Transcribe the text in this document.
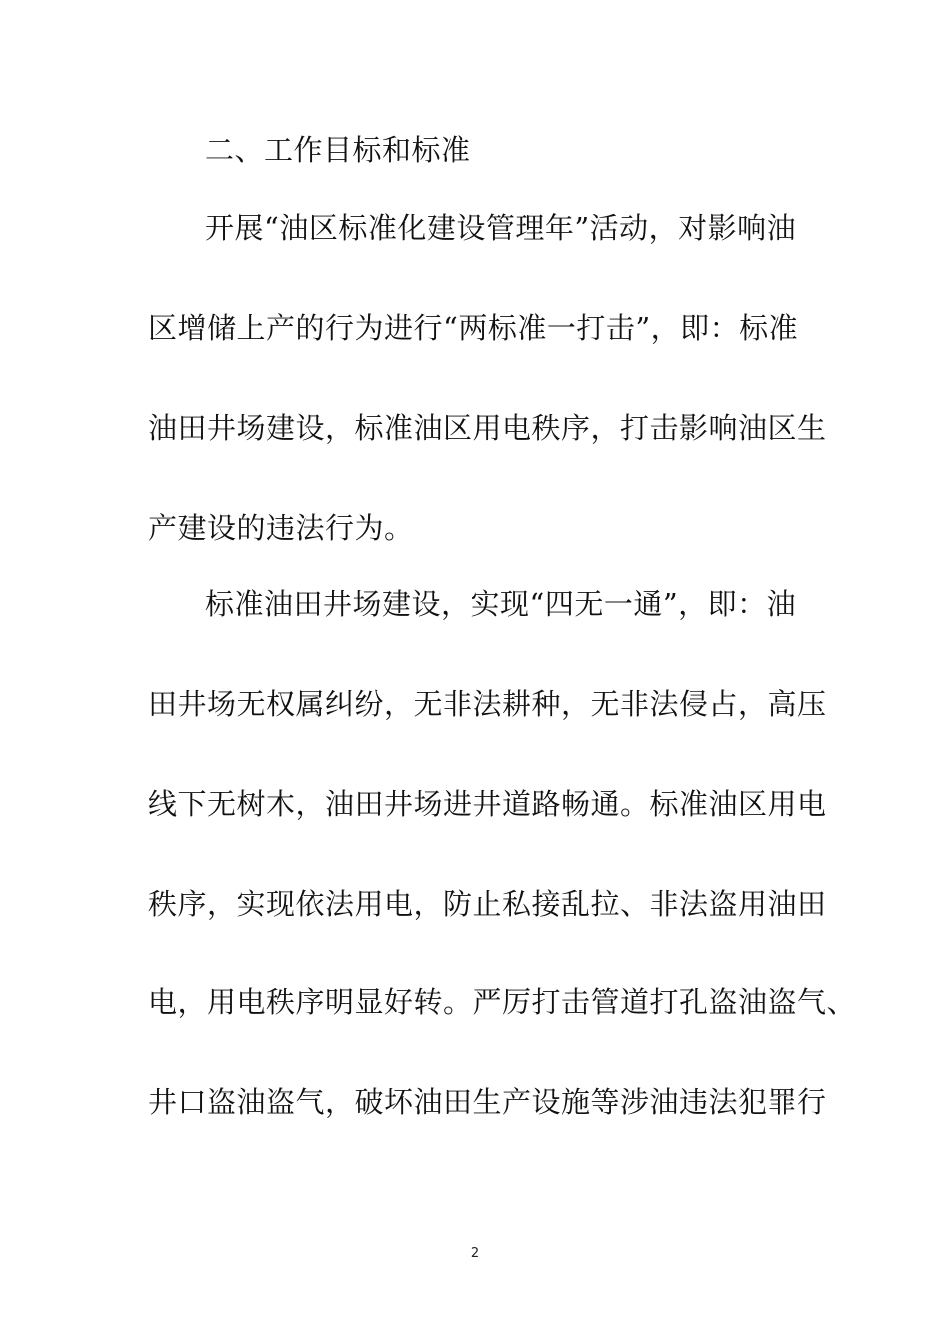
二、工作目标和标准
开展“油区标准化建设管理年”活动，对影响油
区增储上产的行为进行“两标准一打击”，即：标准
油田井场建设，标准油区用电秩序，打击影响油区生
产建设的违法行为。
标准油田井场建设，实现“四无一通”，即：油
田井场无权属纠纷，无非法耕种，无非法侵占，高压
线下无树木，油田井场进井道路畅通。标准油区用电
秩序，实现依法用电，防止私接乱拉、非法盗用油田
电，用电秩序明显好转。严厉打击管道打孔盗油盗气、
井口盗油盗气，破坏油田生产设施等涉油违法犯罪行
2
